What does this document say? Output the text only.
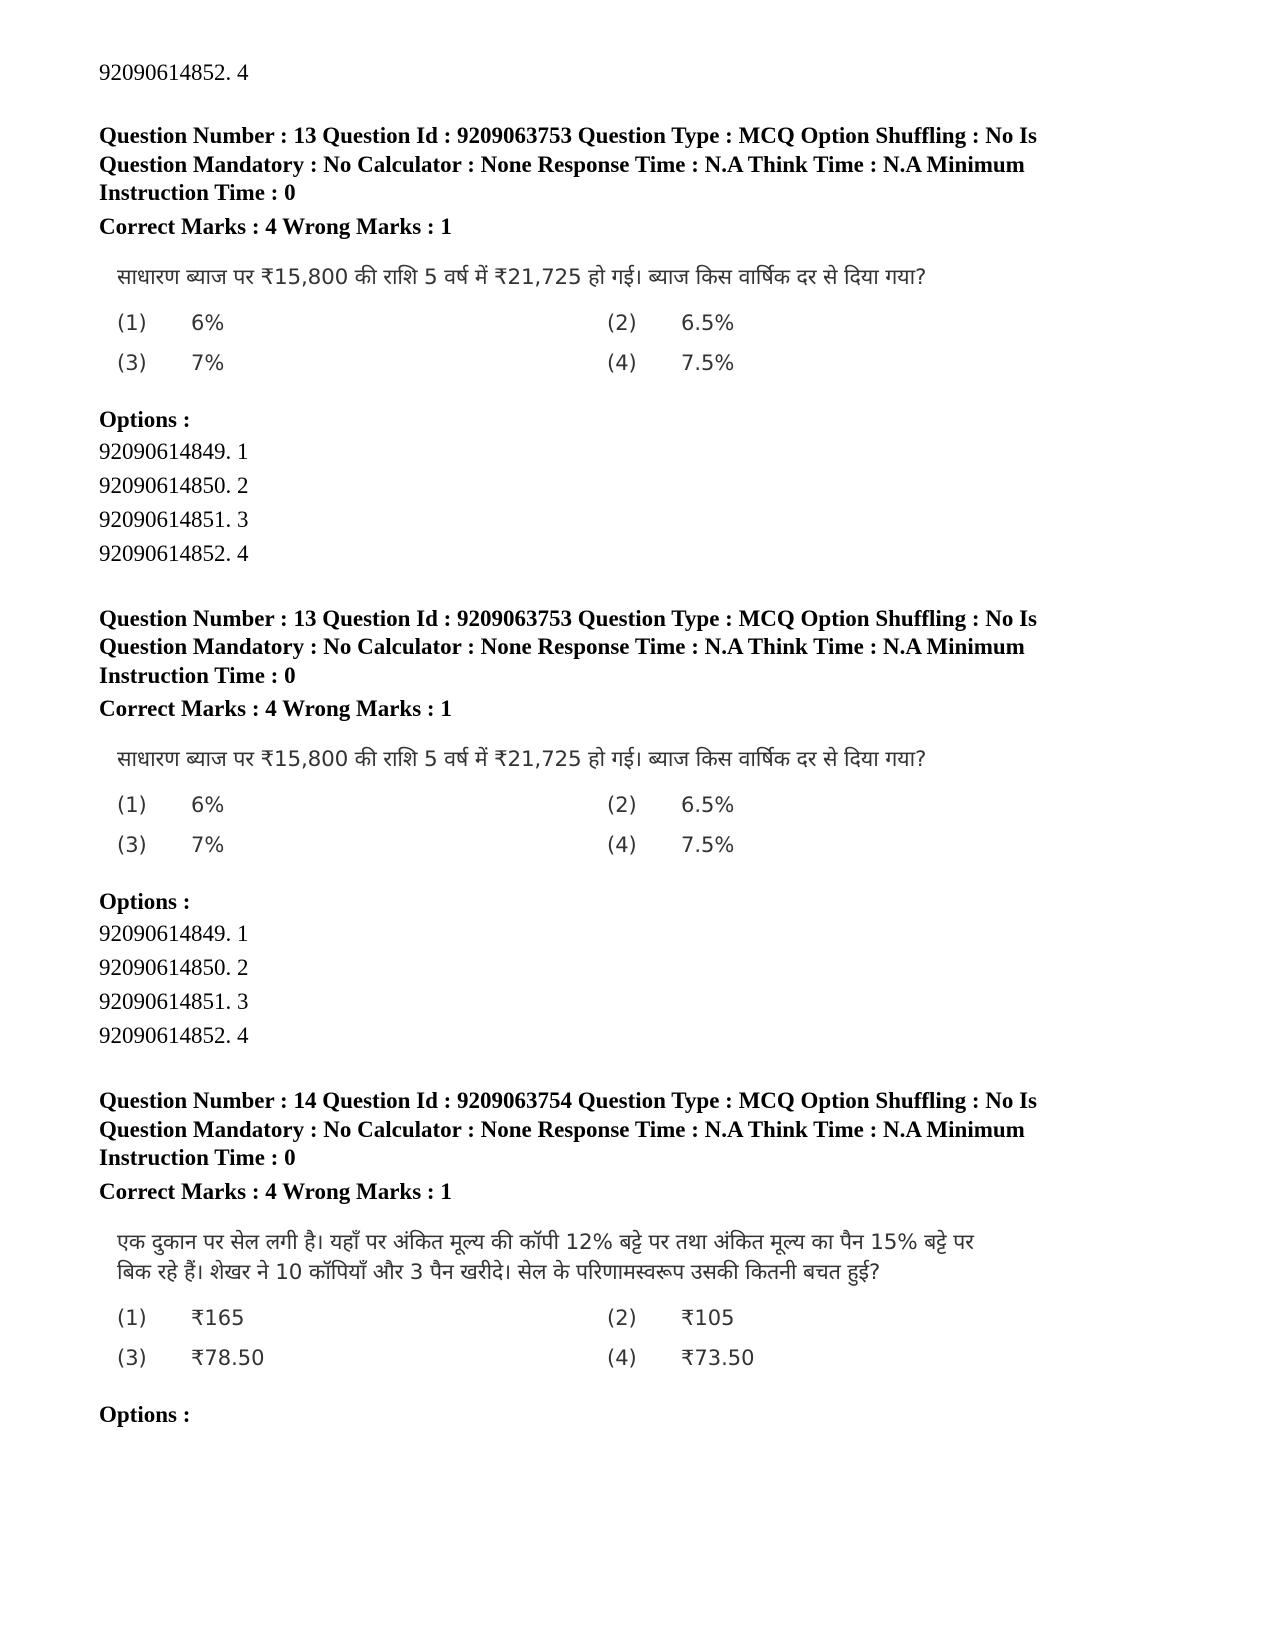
92090614852. 4
Question Number : 13 Question Id : 9209063753 Question Type : MCQ Option Shuffling : No Is
Question Mandatory : No Calculator : None Response Time : N.A Think Time : N.A Minimum
Instruction Time : 0
Correct Marks : 4 Wrong Marks : 1
साधारण ब्याज पर ₹15,800 की राशि 5 वर्ष में ₹21,725 हो गई। ब्याज किस वार्षिक दर से दिया गया?
(1)	6%	(2)	6.5%
(3)	7%	(4)	7.5%
Options :
92090614849. 1
92090614850. 2
92090614851. 3
92090614852. 4
Question Number : 13 Question Id : 9209063753 Question Type : MCQ Option Shuffling : No Is
Question Mandatory : No Calculator : None Response Time : N.A Think Time : N.A Minimum
Instruction Time : 0
Correct Marks : 4 Wrong Marks : 1
साधारण ब्याज पर ₹15,800 की राशि 5 वर्ष में ₹21,725 हो गई। ब्याज किस वार्षिक दर से दिया गया?
(1)	6%	(2)	6.5%
(3)	7%	(4)	7.5%
Options :
92090614849. 1
92090614850. 2
92090614851. 3
92090614852. 4
Question Number : 14 Question Id : 9209063754 Question Type : MCQ Option Shuffling : No Is
Question Mandatory : No Calculator : None Response Time : N.A Think Time : N.A Minimum
Instruction Time : 0
Correct Marks : 4 Wrong Marks : 1
एक दुकान पर सेल लगी है। यहाँ पर अंकित मूल्य की कॉपी 12% बट्टे पर तथा अंकित मूल्य का पैन 15% बट्टे पर
बिक रहे हैं। शेखर ने 10 कॉपियाँ और 3 पैन खरीदे। सेल के परिणामस्वरूप उसकी कितनी बचत हुई?
(1)	₹165	(2)	₹105
(3)	₹78.50	(4)	₹73.50
Options :
